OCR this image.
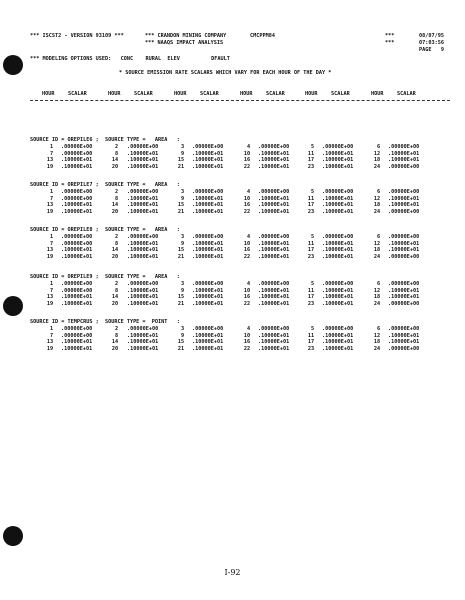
*** ISCST2 - VERSION 93109 ***	*** CRANDON MINING COMPANY	CMCPPM84
*** NAAQS IMPACT ANALYSIS
***
***
08/07/95
07:03:56
PAGE   9
*** MODELING OPTIONS USED:   CONC    RURAL  ELEV          DFAULT
* SOURCE EMISSION RATE SCALARS WHICH VARY FOR EACH HOUR OF THE DAY *
HOUR	SCALAR	HOUR	SCALAR	HOUR	SCALAR	HOUR	SCALAR	HOUR	SCALAR	HOUR	SCALAR
SOURCE ID = OREPILE6 ;  SOURCE TYPE =   AREA   :
1 .00000E+00	2 .00000E+00	3 .00000E+00	4 .00000E+00	5 .00000E+00	6 .00000E+00
7 .00000E+00	8 .10000E+01	9 .10000E+01	10 .10000E+01	11 .10000E+01	12 .10000E+01
13 .10000E+01	14 .10000E+01	15 .10000E+01	16 .10000E+01	17 .10000E+01	18 .10000E+01
19 .10000E+01	20 .10000E+01	21 .10000E+01	22 .10000E+01	23 .10000E+01	24 .00000E+00
SOURCE ID = OREPILE7 ;  SOURCE TYPE =   AREA   :
1 .00000E+00	2 .00000E+00	3 .00000E+00	4 .00000E+00	5 .00000E+00	6 .00000E+00
7 .00000E+00	8 .10000E+01	9 .10000E+01	10 .10000E+01	11 .10000E+01	12 .10000E+01
13 .10000E+01	14 .10000E+01	15 .10000E+01	16 .10000E+01	17 .10000E+01	18 .10000E+01
19 .10000E+01	20 .10000E+01	21 .10000E+01	22 .10000E+01	23 .10000E+01	24 .00000E+00
SOURCE ID = OREPILE8 ;  SOURCE TYPE =   AREA   :
1 .00000E+00	2 .00000E+00	3 .00000E+00	4 .00000E+00	5 .00000E+00	6 .00000E+00
7 .00000E+00	8 .10000E+01	9 .10000E+01	10 .10000E+01	11 .10000E+01	12 .10000E+01
13 .10000E+01	14 .10000E+01	15 .10000E+01	16 .10000E+01	17 .10000E+01	18 .10000E+01
19 .10000E+01	20 .10000E+01	21 .10000E+01	22 .10000E+01	23 .10000E+01	24 .00000E+00
SOURCE ID = OREPILE9 ;  SOURCE TYPE =   AREA   :
1 .00000E+00	2 .00000E+00	3 .00000E+00	4 .00000E+00	5 .00000E+00	6 .00000E+00
7 .00000E+00	8 .10000E+01	9 .10000E+01	10 .10000E+01	11 .10000E+01	12 .10000E+01
13 .10000E+01	14 .10000E+01	15 .10000E+01	16 .10000E+01	17 .10000E+01	18 .10000E+01
19 .10000E+01	20 .10000E+01	21 .10000E+01	22 .10000E+01	23 .10000E+01	24 .00000E+00
SOURCE ID = TEMPCRUS ;  SOURCE TYPE =  POINT   :
1 .00000E+00	2 .00000E+00	3 .00000E+00	4 .00000E+00	5 .00000E+00	6 .00000E+00
7 .00000E+00	8 .10000E+01	9 .10000E+01	10 .10000E+01	11 .10000E+01	12 .10000E+01
13 .10000E+01	14 .10000E+01	15 .10000E+01	16 .10000E+01	17 .10000E+01	18 .10000E+01
19 .10000E+01	20 .10000E+01	21 .10000E+01	22 .10000E+01	23 .10000E+01	24 .00000E+00
I-92
